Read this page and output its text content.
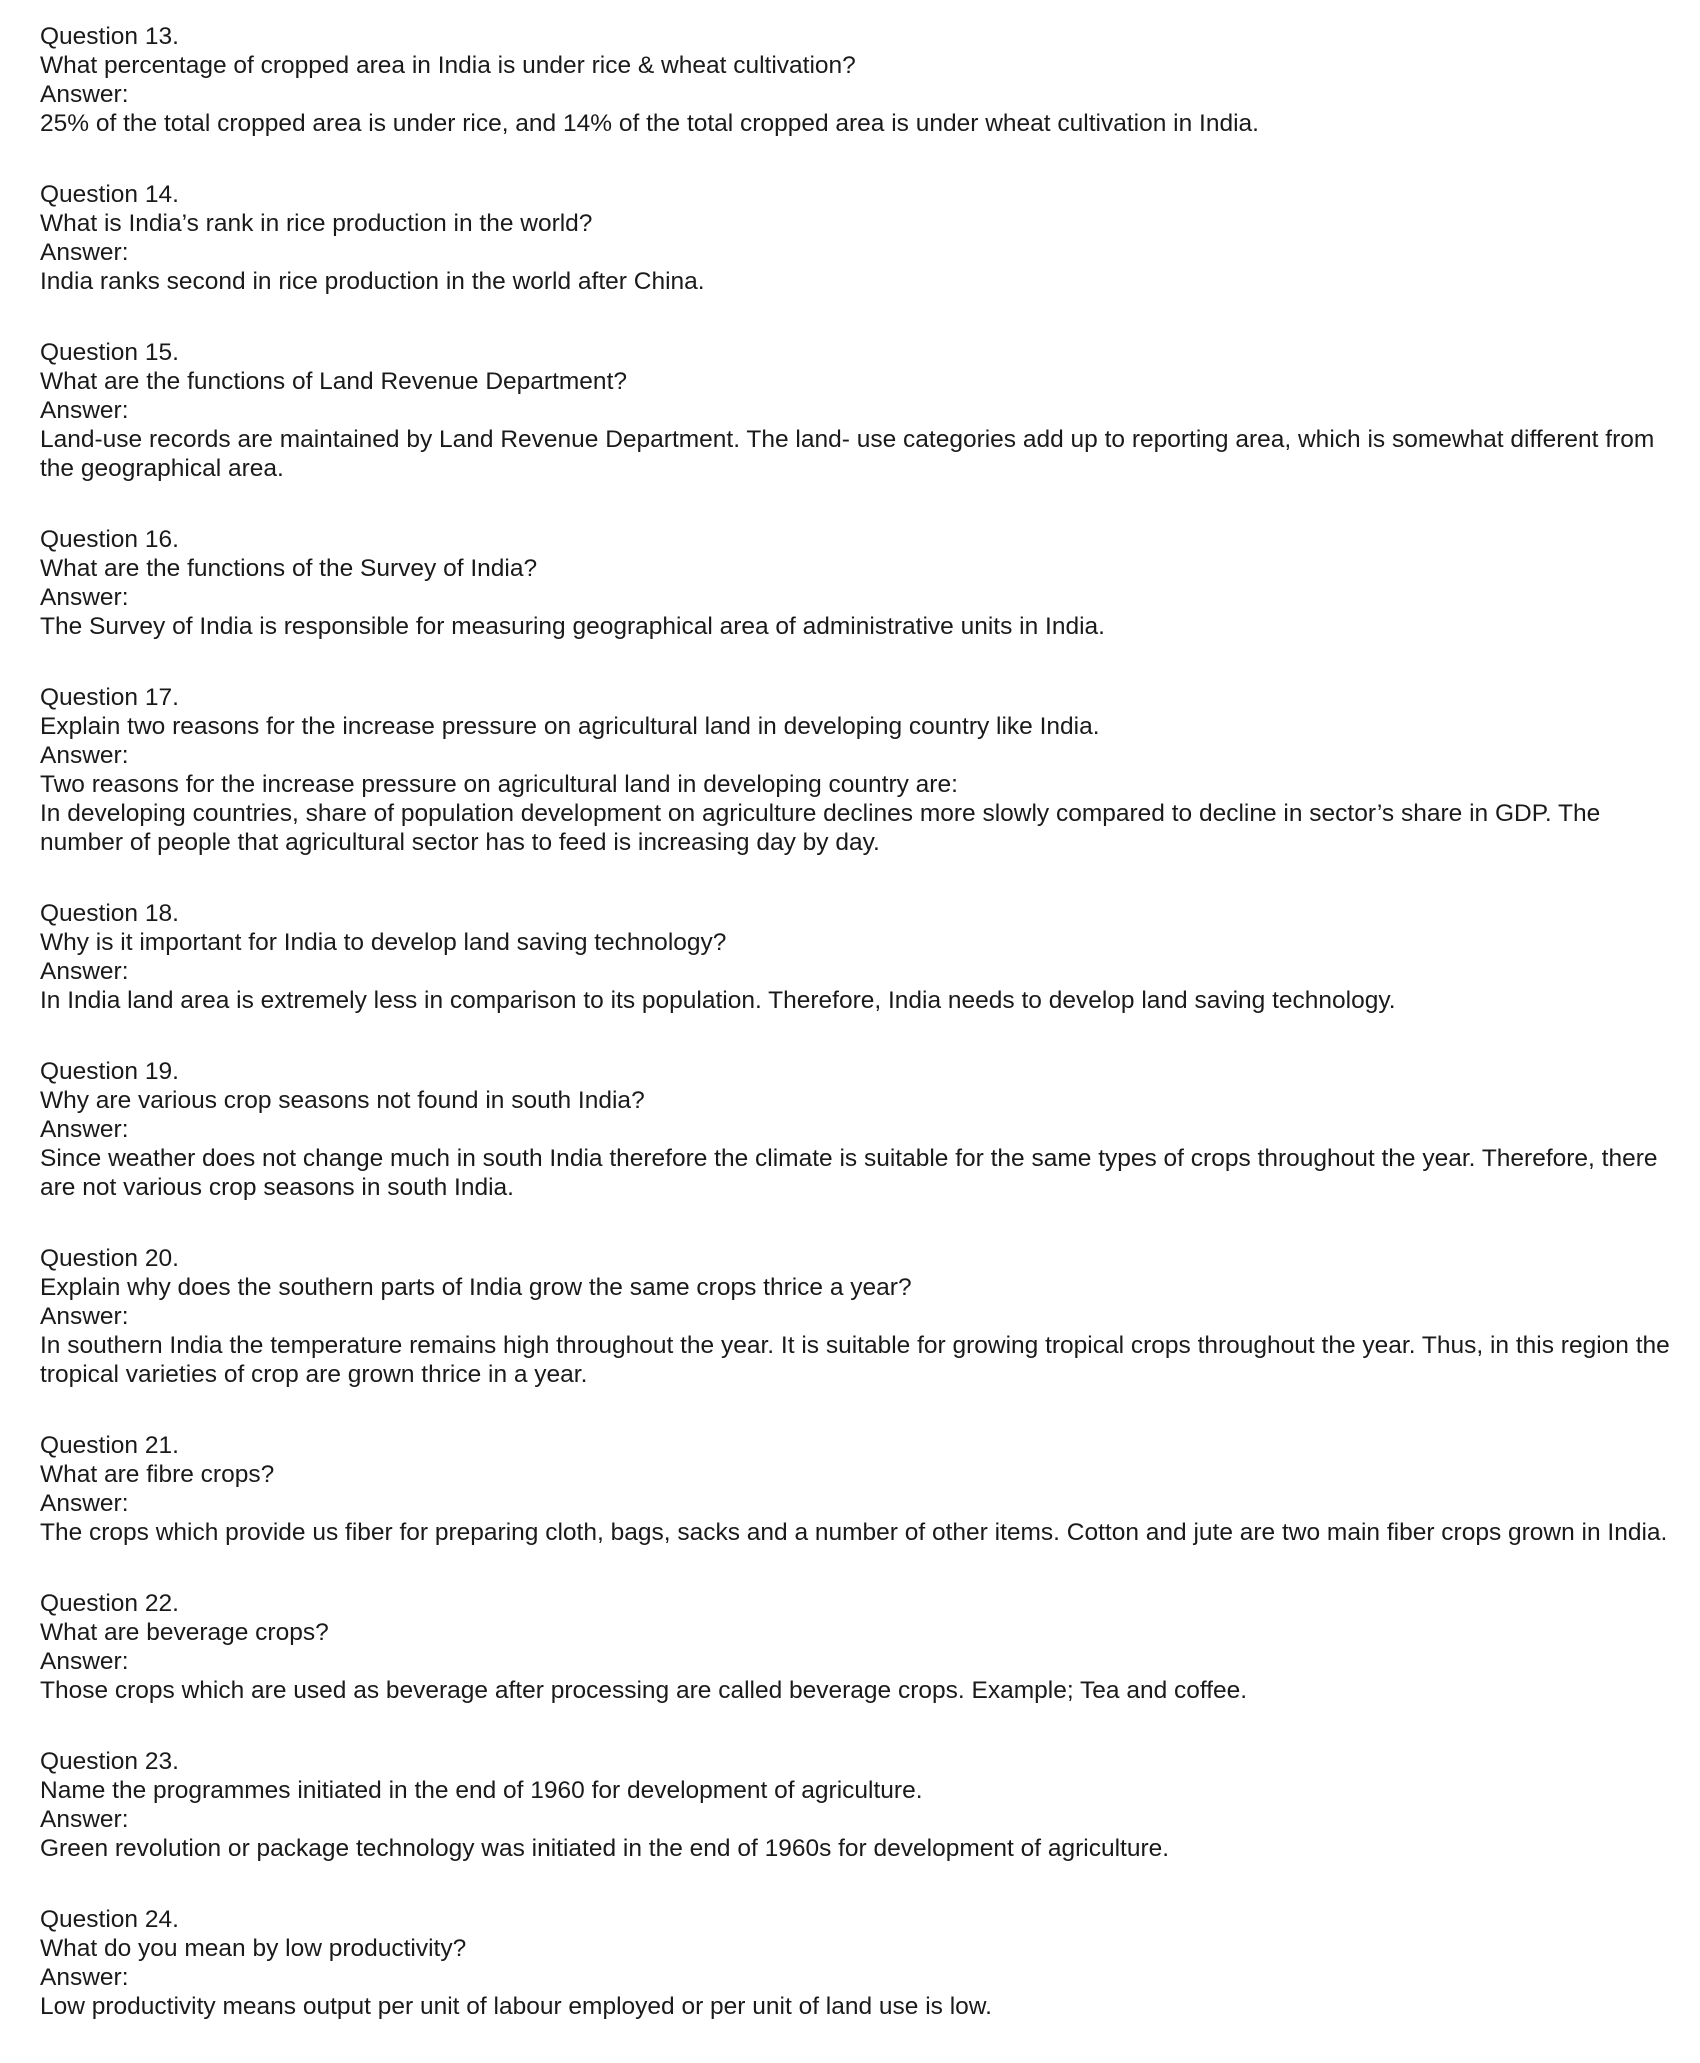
Question 13.
What percentage of cropped area in India is under rice & wheat cultivation?
Answer:
25% of the total cropped area is under rice, and 14% of the total cropped area is under wheat cultivation in India.
Question 14.
What is India’s rank in rice production in the world?
Answer:
India ranks second in rice production in the world after China.
Question 15.
What are the functions of Land Revenue Department?
Answer:
Land-use records are maintained by Land Revenue Department. The land- use categories add up to reporting area, which is somewhat different from the geographical area.
Question 16.
What are the functions of the Survey of India?
Answer:
The Survey of India is responsible for measuring geographical area of administrative units in India.
Question 17.
Explain two reasons for the increase pressure on agricultural land in developing country like India.
Answer:
Two reasons for the increase pressure on agricultural land in developing country are:
In developing countries, share of population development on agriculture declines more slowly compared to decline in sector’s share in GDP. The number of people that agricultural sector has to feed is increasing day by day.
Question 18.
Why is it important for India to develop land saving technology?
Answer:
In India land area is extremely less in comparison to its population. Therefore, India needs to develop land saving technology.
Question 19.
Why are various crop seasons not found in south India?
Answer:
Since weather does not change much in south India therefore the climate is suitable for the same types of crops throughout the year. Therefore, there are not various crop seasons in south India.
Question 20.
Explain why does the southern parts of India grow the same crops thrice a year?
Answer:
In southern India the temperature remains high throughout the year. It is suitable for growing tropical crops throughout the year. Thus, in this region the tropical varieties of crop are grown thrice in a year.
Question 21.
What are fibre crops?
Answer:
The crops which provide us fiber for preparing cloth, bags, sacks and a number of other items. Cotton and jute are two main fiber crops grown in India.
Question 22.
What are beverage crops?
Answer:
Those crops which are used as beverage after processing are called beverage crops. Example; Tea and coffee.
Question 23.
Name the programmes initiated in the end of 1960 for development of agriculture.
Answer:
Green revolution or package technology was initiated in the end of 1960s for development of agriculture.
Question 24.
What do you mean by low productivity?
Answer:
Low productivity means output per unit of labour employed or per unit of land use is low.
